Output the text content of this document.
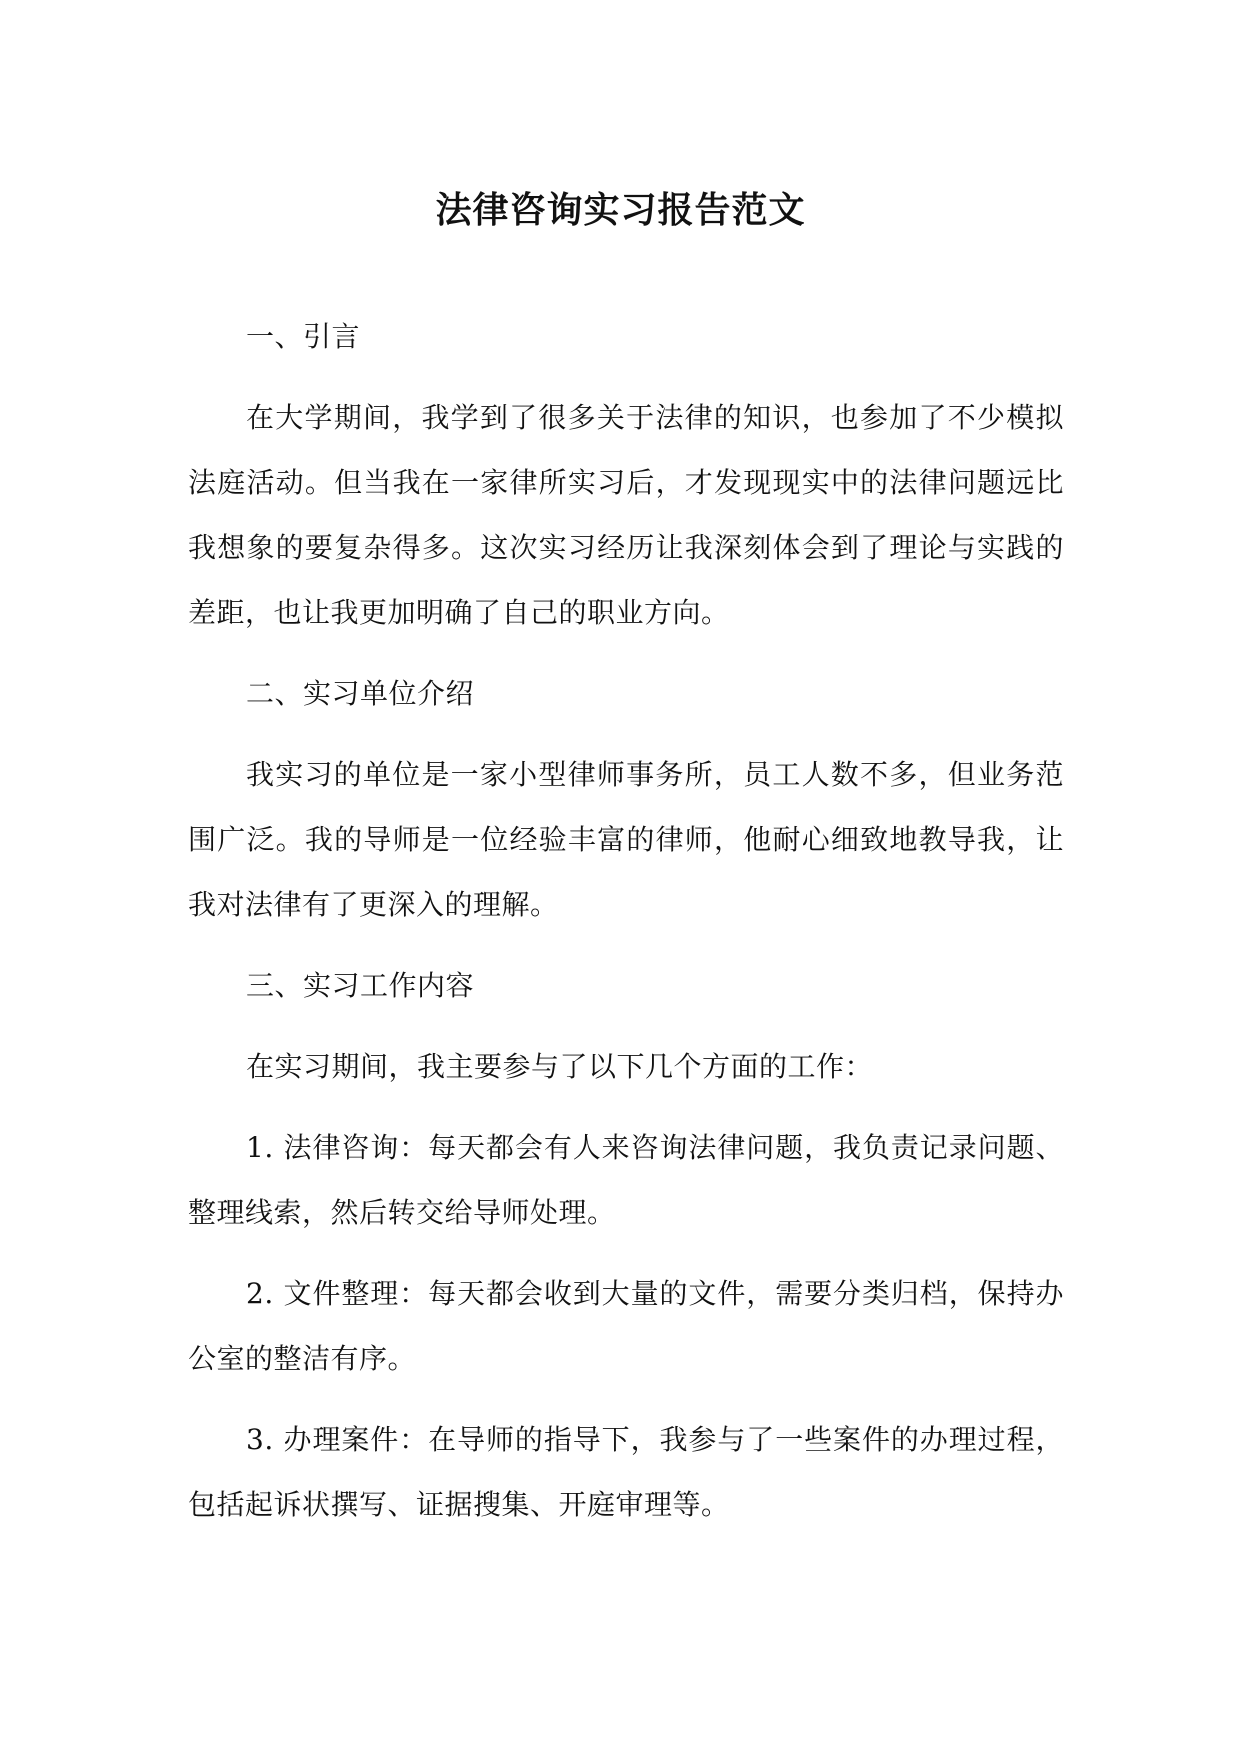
法律咨询实习报告范文

一、引言

在大学期间，我学到了很多关于法律的知识，也参加了不少模拟法庭活动。但当我在一家律所实习后，才发现现实中的法律问题远比我想象的要复杂得多。这次实习经历让我深刻体会到了理论与实践的差距，也让我更加明确了自己的职业方向。

二、实习单位介绍

我实习的单位是一家小型律师事务所，员工人数不多，但业务范围广泛。我的导师是一位经验丰富的律师，他耐心细致地教导我，让我对法律有了更深入的理解。

三、实习工作内容

在实习期间，我主要参与了以下几个方面的工作：

1. 法律咨询：每天都会有人来咨询法律问题，我负责记录问题、整理线索，然后转交给导师处理。

2. 文件整理：每天都会收到大量的文件，需要分类归档，保持办公室的整洁有序。

3. 办理案件：在导师的指导下，我参与了一些案件的办理过程，包括起诉状撰写、证据搜集、开庭审理等。
